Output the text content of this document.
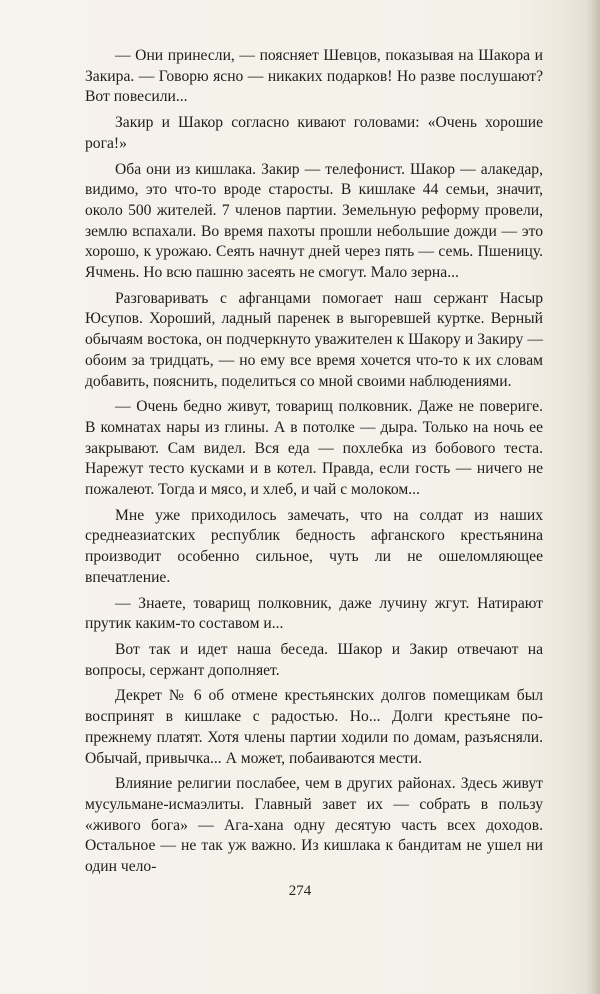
— Они принесли, — поясняет Шевцов, показывая на Шакора и Закира. — Говорю ясно — никаких подарков! Но разве послушают? Вот повесили...

Закир и Шакор согласно кивают головами: «Очень хорошие рога!»

Оба они из кишлака. Закир — телефонист. Шакор — алакедар, видимо, это что-то вроде старосты. В кишлаке 44 семьи, значит, около 500 жителей. 7 членов партии. Земельную реформу провели, землю вспахали. Во время пахоты прошли небольшие дожди — это хорошо, к урожаю. Сеять начнут дней через пять — семь. Пшеницу. Ячмень. Но всю пашню засеять не смогут. Мало зерна...

Разговаривать с афганцами помогает наш сержант Насыр Юсупов. Хороший, ладный паренек в выгоревшей куртке. Верный обычаям востока, он подчеркнуто уважителен к Шакору и Закиру — обоим за тридцать, — но ему все время хочется что-то к их словам добавить, пояснить, поделиться со мной своими наблюдениями.

— Очень бедно живут, товарищ полковник. Даже не повериге. В комнатах нары из глины. А в потолке — дыра. Только на ночь ее закрывают. Сам видел. Вся еда — похлебка из бобового теста. Нарежут тесто кусками и в котел. Правда, если гость — ничего не пожалеют. Тогда и мясо, и хлеб, и чай с молоком...

Мне уже приходилось замечать, что на солдат из наших среднеазиатских республик бедность афганского крестьянина производит особенно сильное, чуть ли не ошеломляющее впечатление.

— Знаете, товарищ полковник, даже лучину жгут. Натирают прутик каким-то составом и...

Вот так и идет наша беседа. Шакор и Закир отвечают на вопросы, сержант дополняет.

Декрет № 6 об отмене крестьянских долгов помещикам был воспринят в кишлаке с радостью. Но... Долги крестьяне по-прежнему платят. Хотя члены партии ходили по домам, разъясняли. Обычай, привычка... А может, побаиваются мести.

Влияние религии послабее, чем в других районах. Здесь живут мусульмане-исмаэлиты. Главный завет их — собрать в пользу «живого бога» — Ага-хана одну десятую часть всех доходов. Остальное — не так уж важно. Из кишлака к бандитам не ушел ни один чело-

274
